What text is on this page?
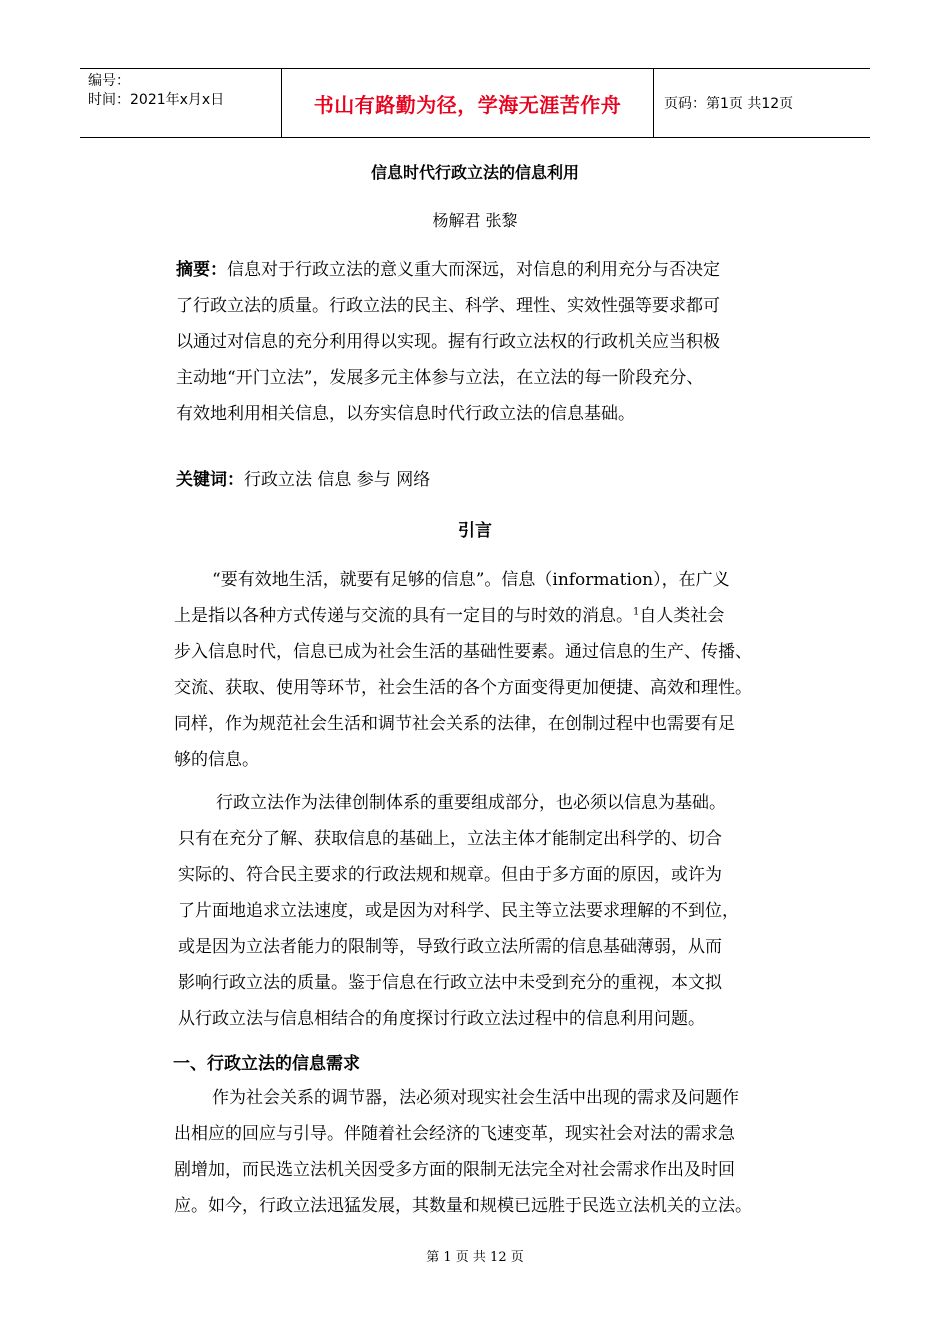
编号：
时间：2021年x月x日	书山有路勤为径，学海无涯苦作舟	页码：第1页 共12页
信息时代行政立法的信息利用
杨解君 张黎
摘要：信息对于行政立法的意义重大而深远，对信息的利用充分与否决定
了行政立法的质量。行政立法的民主、科学、理性、实效性强等要求都可
以通过对信息的充分利用得以实现。握有行政立法权的行政机关应当积极
主动地“开门立法”，发展多元主体参与立法，在立法的每一阶段充分、
有效地利用相关信息，以夯实信息时代行政立法的信息基础。
关键词：行政立法 信息 参与 网络
引言
“要有效地生活，就要有足够的信息”。信息（information），在广义
上是指以各种方式传递与交流的具有一定目的与时效的消息。$^1$自人类社会
步入信息时代，信息已成为社会生活的基础性要素。通过信息的生产、传播、
交流、获取、使用等环节，社会生活的各个方面变得更加便捷、高效和理性。
同样，作为规范社会生活和调节社会关系的法律，在创制过程中也需要有足
够的信息。
行政立法作为法律创制体系的重要组成部分，也必须以信息为基础。
只有在充分了解、获取信息的基础上，立法主体才能制定出科学的、切合
实际的、符合民主要求的行政法规和规章。但由于多方面的原因，或许为
了片面地追求立法速度，或是因为对科学、民主等立法要求理解的不到位，
或是因为立法者能力的限制等，导致行政立法所需的信息基础薄弱，从而
影响行政立法的质量。鉴于信息在行政立法中未受到充分的重视，本文拟
从行政立法与信息相结合的角度探讨行政立法过程中的信息利用问题。
一、行政立法的信息需求
作为社会关系的调节器，法必须对现实社会生活中出现的需求及问题作
出相应的回应与引导。伴随着社会经济的飞速变革，现实社会对法的需求急
剧增加，而民选立法机关因受多方面的限制无法完全对社会需求作出及时回
应。如今，行政立法迅猛发展，其数量和规模已远胜于民选立法机关的立法。
第 1 页 共 12 页
